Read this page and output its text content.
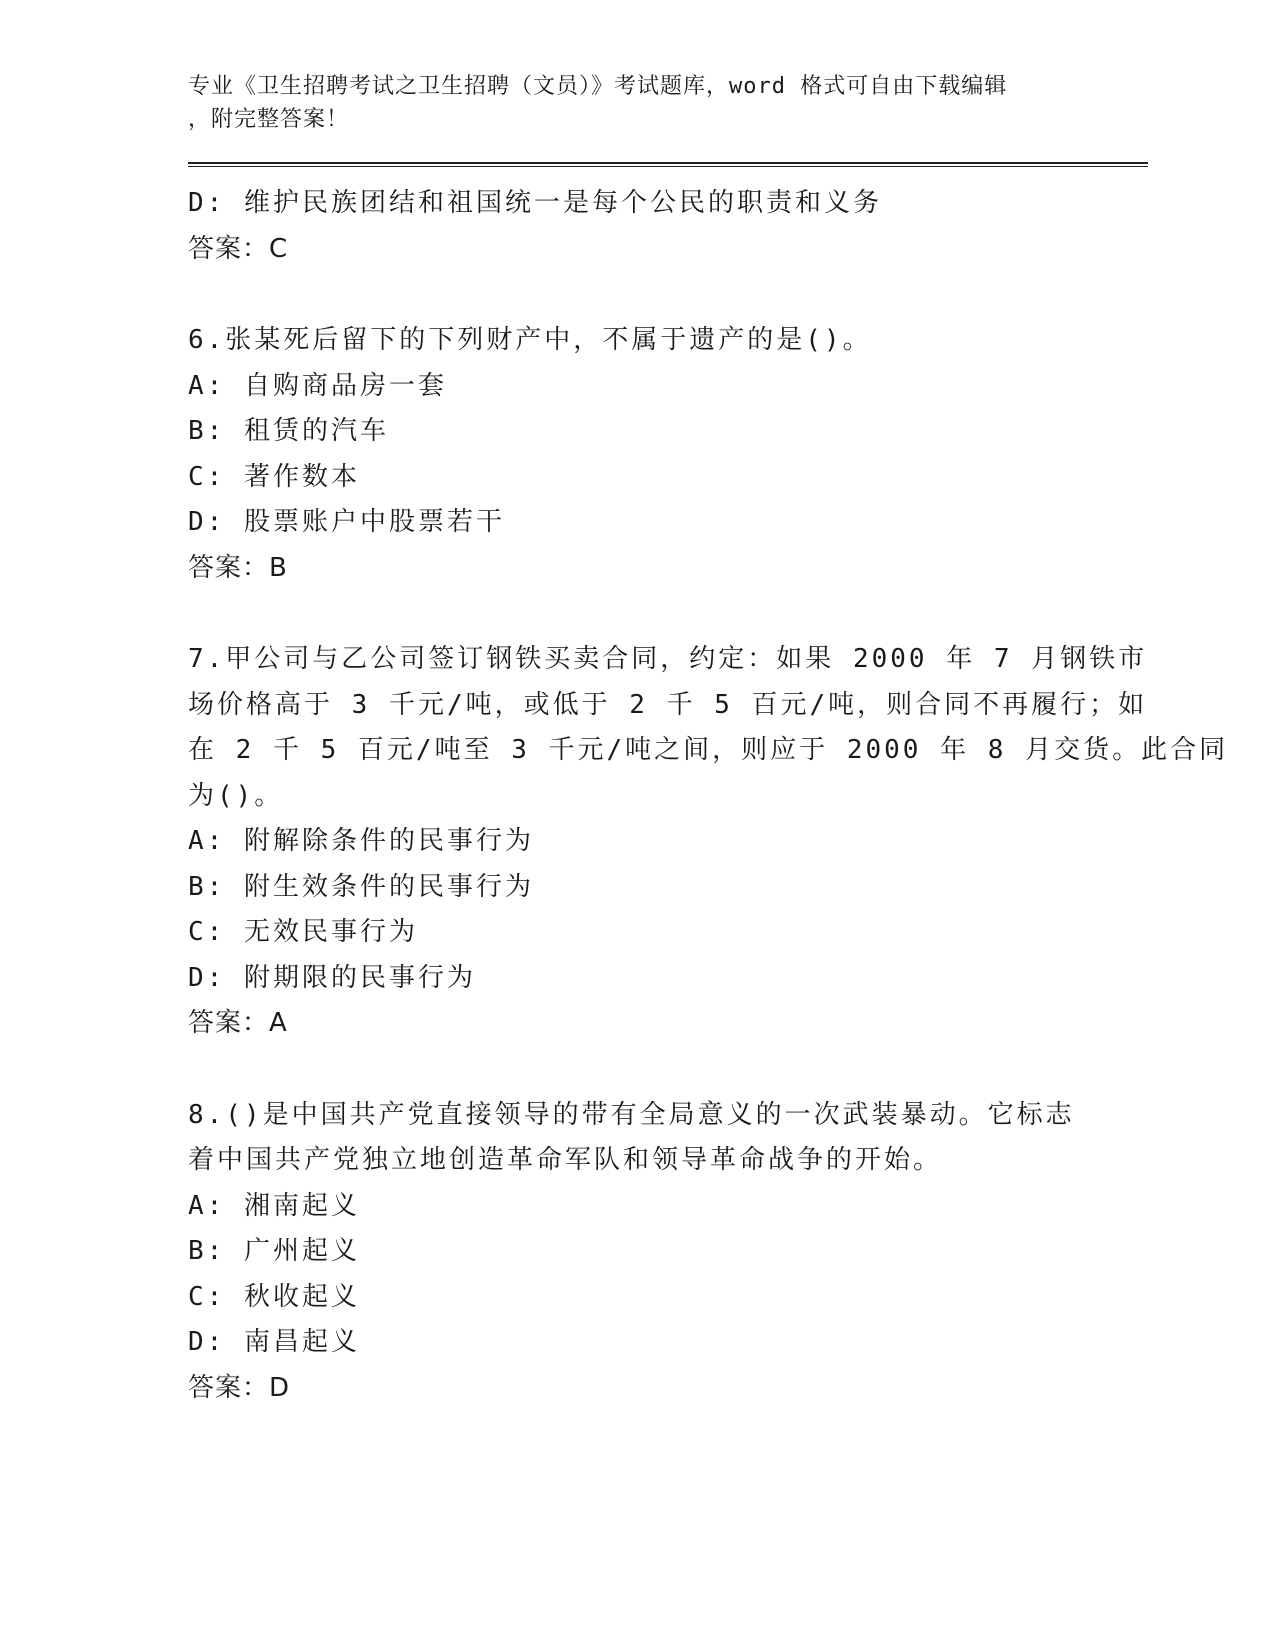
专业《卫生招聘考试之卫生招聘（文员）》考试题库，word 格式可自由下载编辑
，附完整答案！
D: 维护民族团结和祖国统一是每个公民的职责和义务
答案：C
6.张某死后留下的下列财产中，不属于遗产的是()。
A: 自购商品房一套
B: 租赁的汽车
C: 著作数本
D: 股票账户中股票若干
答案：B
7.甲公司与乙公司签订钢铁买卖合同，约定：如果 2000 年 7 月钢铁市
场价格高于 3 千元/吨，或低于 2 千 5 百元/吨，则合同不再履行；如
在 2 千 5 百元/吨至 3 千元/吨之间，则应于 2000 年 8 月交货。此合同
为()。
A: 附解除条件的民事行为
B: 附生效条件的民事行为
C: 无效民事行为
D: 附期限的民事行为
答案：A
8.()是中国共产党直接领导的带有全局意义的一次武装暴动。它标志
着中国共产党独立地创造革命军队和领导革命战争的开始。
A: 湘南起义
B: 广州起义
C: 秋收起义
D: 南昌起义
答案：D
